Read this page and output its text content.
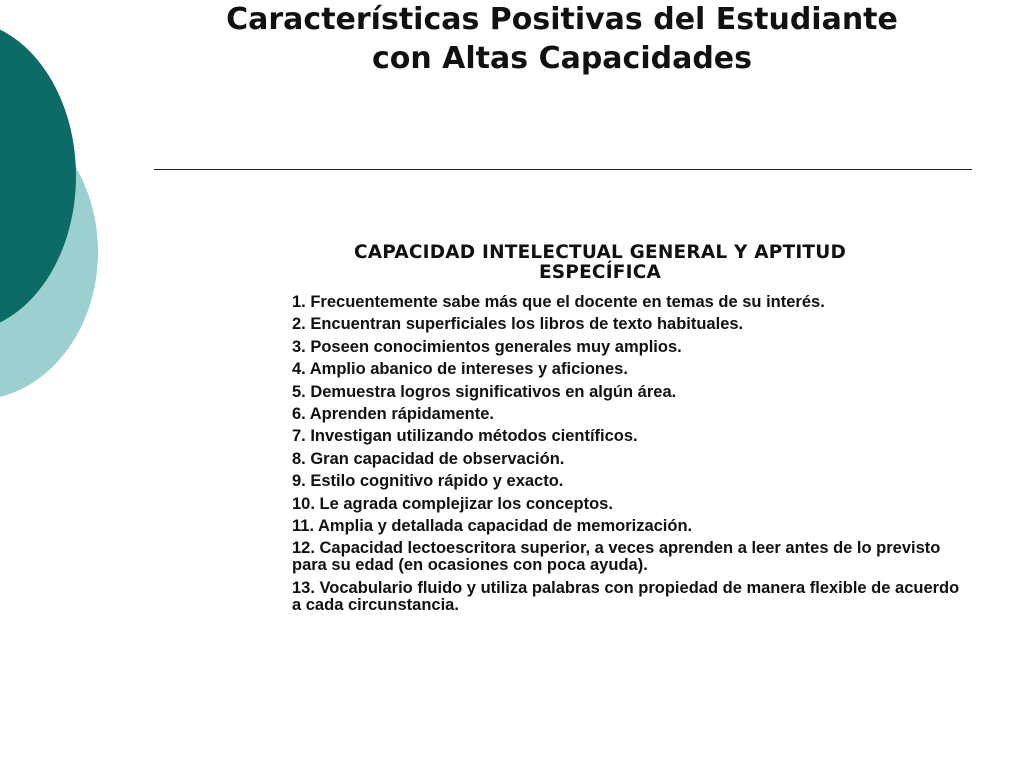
Características Positivas del Estudiante
con Altas Capacidades
CAPACIDAD INTELECTUAL GENERAL Y APTITUD ESPECÍFICA
1. Frecuentemente sabe más que el docente en temas de su interés.
2. Encuentran superficiales los libros de texto habituales.
3. Poseen conocimientos generales muy amplios.
4. Amplio abanico de intereses y aficiones.
5. Demuestra logros significativos en algún área.
6. Aprenden rápidamente.
7. Investigan utilizando métodos científicos.
8. Gran capacidad de observación.
9. Estilo cognitivo rápido y exacto.
10. Le agrada complejizar los conceptos.
11. Amplia y detallada capacidad de memorización.
12. Capacidad lectoescritora superior, a veces aprenden a leer antes de lo previsto para su edad (en ocasiones con poca ayuda).
13. Vocabulario fluido y utiliza palabras con propiedad de manera flexible de acuerdo a cada circunstancia.
